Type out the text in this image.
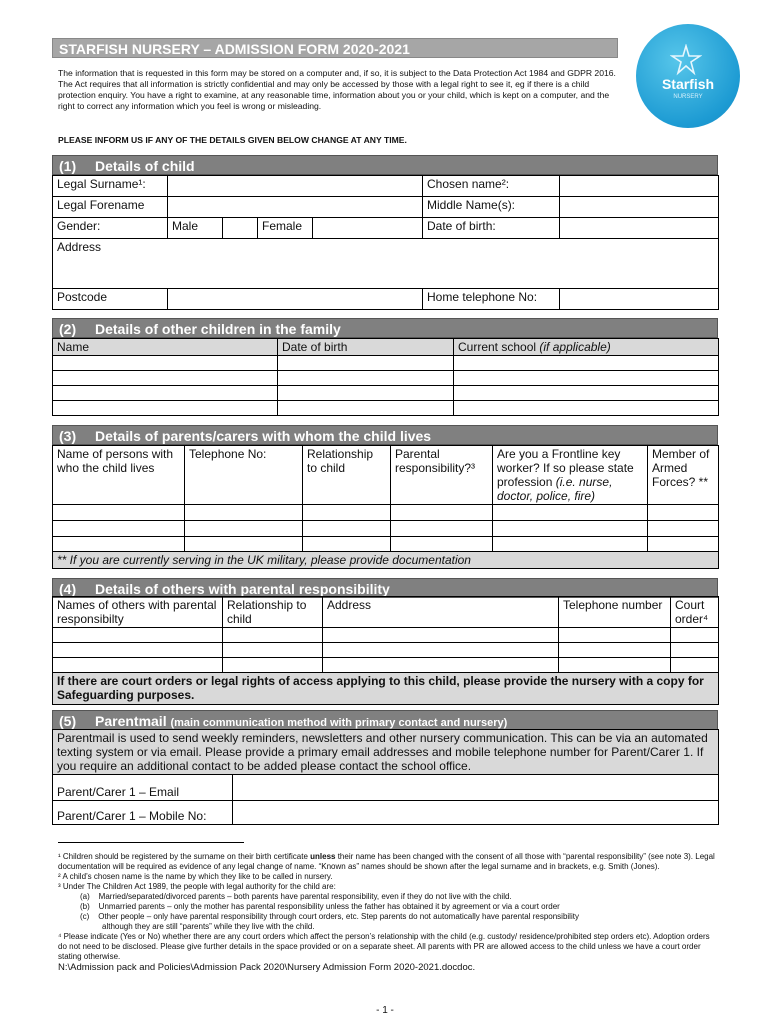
STARFISH NURSERY – ADMISSION FORM 2020-2021
Starfish
NURSERY
The information that is requested in this form may be stored on a computer and, if so, it is subject to the Data Protection Act 1984 and GDPR 2016. The Act requires that all information is strictly confidential and may only be accessed by those with a legal right to see it, eg if there is a child protection enquiry. You have a right to examine, at any reasonable time, information about you or your child, which is kept on a computer, and the right to correct any information which you feel is wrong or misleading.
PLEASE INFORM US IF ANY OF THE DETAILS GIVEN BELOW CHANGE AT ANY TIME.
(1) Details of child
Legal Surname¹:					Chosen name²:	
Legal Forename					Middle Name(s):	
Gender:	Male		Female		Date of birth:	
Address						
Postcode					Home telephone No:	
(2) Details of other children in the family
Name	Date of birth	Current school (if applicable)

(3) Details of parents/carers with whom the child lives
Name of persons with who the child lives	Telephone No:	Relationship to child	Parental responsibility?³	Are you a Frontline key worker? If so please state profession (i.e. nurse, doctor, police, fire)	Member of Armed Forces? **

** If you are currently serving in the UK military, please provide documentation					
(4) Details of others with parental responsibility
Names of others with parental responsibilty	Relationship to child	Address	Telephone number	Court order⁴

If there are court orders or legal rights of access applying to this child, please provide the nursery with a copy for Safeguarding purposes.				
(5) Parentmail (main communication method with primary contact and nursery)
Parentmail is used to send weekly reminders, newsletters and other nursery communication. This can be via an automated texting system or via email. Please provide a primary email addresses and mobile telephone number for Parent/Carer 1. If you require an additional contact to be added please contact the school office.	
Parent/Carer 1 – Email	
Parent/Carer 1 – Mobile No:	
¹ Children should be registered by the surname on their birth certificate unless their name has been changed with the consent of all those with “parental responsibility” (see note 3). Legal documentation will be required as evidence of any legal change of name. “Known as” names should be shown after the legal surname and in brackets, e.g. Smith (Jones).
² A child’s chosen name is the name by which they like to be called in nursery.
³ Under The Children Act 1989, the people with legal authority for the child are:
(a)    Married/separated/divorced parents – both parents have parental responsibility, even if they do not live with the child.
(b)    Unmarried parents – only the mother has parental responsibility unless the father has obtained it by agreement or via a court order
(c)    Other people – only have parental responsibility through court orders, etc. Step parents do not automatically have parental responsibility
although they are still “parents” while they live with the child.
⁴ Please indicate (Yes or No) whether there are any court orders which affect the person’s relationship with the child (e.g. custody/ residence/prohibited step orders etc). Adoption orders do not need to be disclosed. Please give further details in the space provided or on a separate sheet. All parents with PR are allowed access to the child unless we have a court order stating otherwise.
N:\Admission pack and Policies\Admission Pack 2020\Nursery Admission Form 2020-2021.docdoc.
- 1 -
